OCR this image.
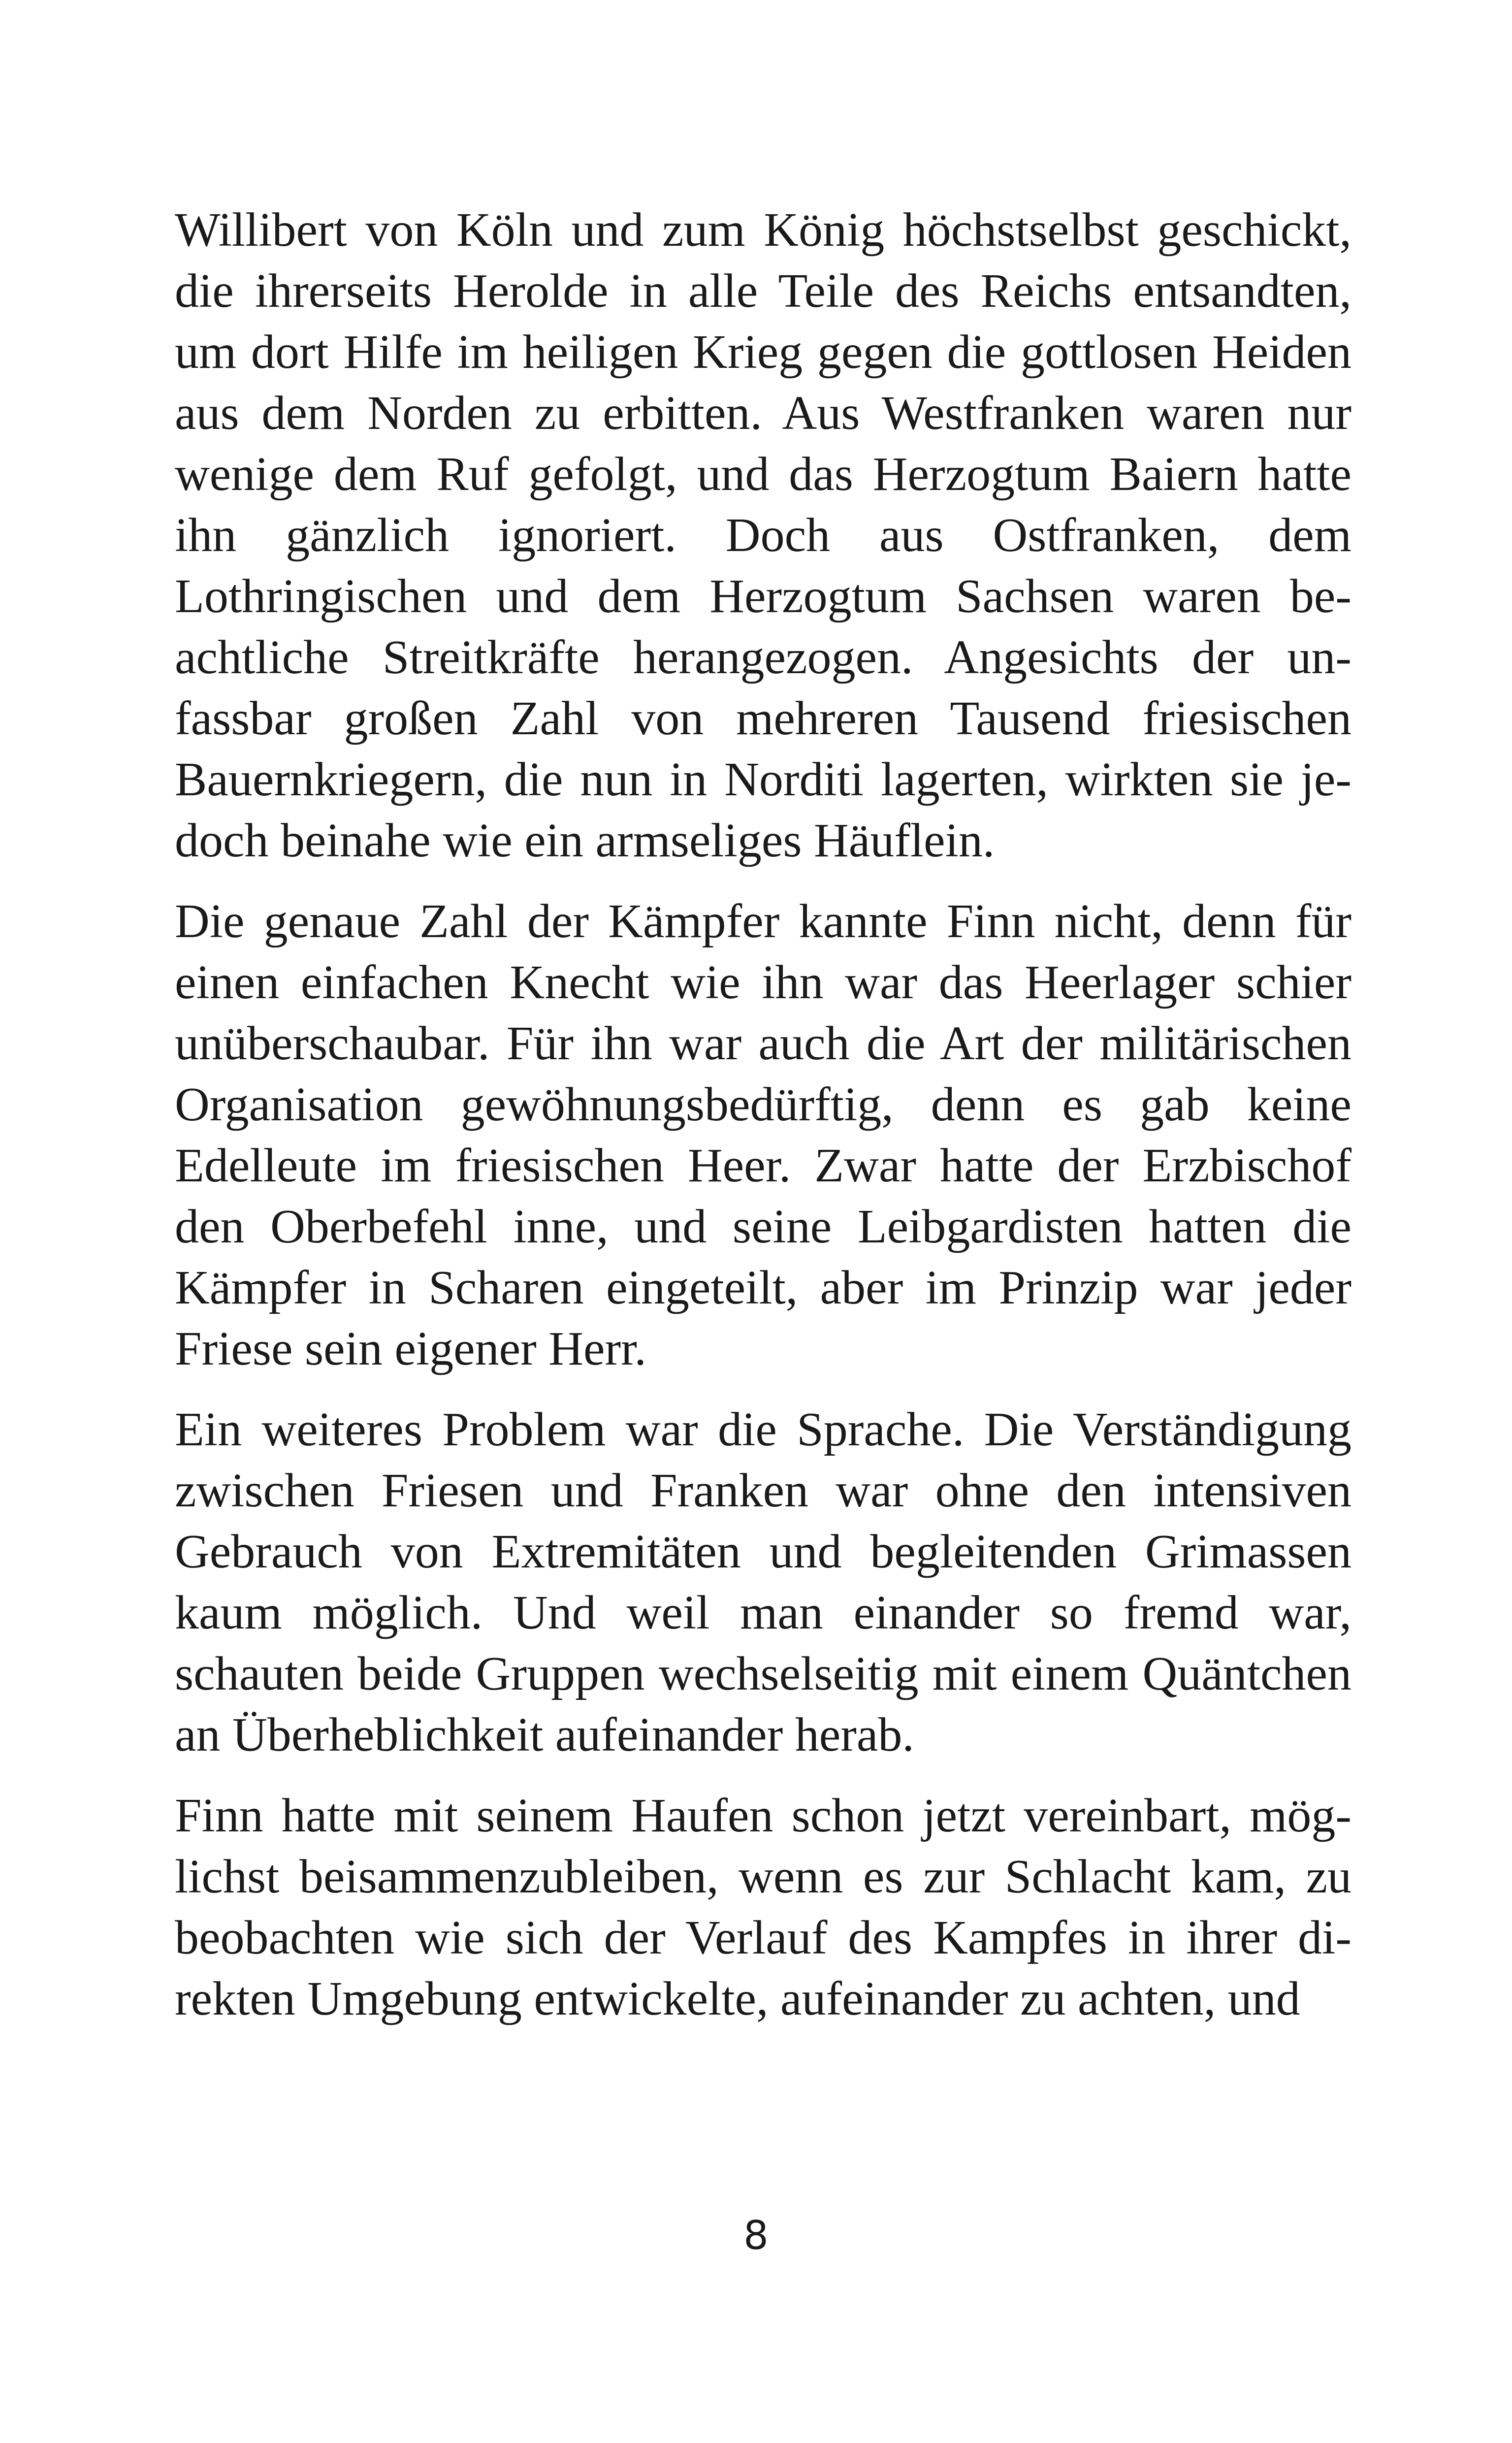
Willibert von Köln und zum König höchstselbst geschickt, die ihrerseits Herolde in alle Teile des Reichs entsandten, um dort Hilfe im heiligen Krieg gegen die gottlosen Heiden aus dem Norden zu erbitten. Aus Westfranken waren nur wenige dem Ruf gefolgt, und das Herzogtum Baiern hatte ihn gänzlich ignoriert. Doch aus Ostfranken, dem Lothringischen und dem Herzogtum Sachsen waren beachtliche Streitkräfte herangezogen. Angesichts der unfassbar großen Zahl von mehreren Tausend friesischen Bauernkriegern, die nun in Norditi lagerten, wirkten sie jedoch beinahe wie ein armseliges Häuflein.

Die genaue Zahl der Kämpfer kannte Finn nicht, denn für einen einfachen Knecht wie ihn war das Heerlager schier unüberschaubar. Für ihn war auch die Art der militärischen Organisation gewöhnungsbedürftig, denn es gab keine Edelleute im friesischen Heer. Zwar hatte der Erzbischof den Oberbefehl inne, und seine Leibgardisten hatten die Kämpfer in Scharen eingeteilt, aber im Prinzip war jeder Friese sein eigener Herr.

Ein weiteres Problem war die Sprache. Die Verständigung zwischen Friesen und Franken war ohne den intensiven Gebrauch von Extremitäten und begleitenden Grimassen kaum möglich. Und weil man einander so fremd war, schauten beide Gruppen wechselseitig mit einem Quäntchen an Überheblichkeit aufeinander herab.

Finn hatte mit seinem Haufen schon jetzt vereinbart, möglichst beisammenzubleiben, wenn es zur Schlacht kam, zu beobachten wie sich der Verlauf des Kampfes in ihrer direkten Umgebung entwickelte, aufeinander zu achten, und

8
